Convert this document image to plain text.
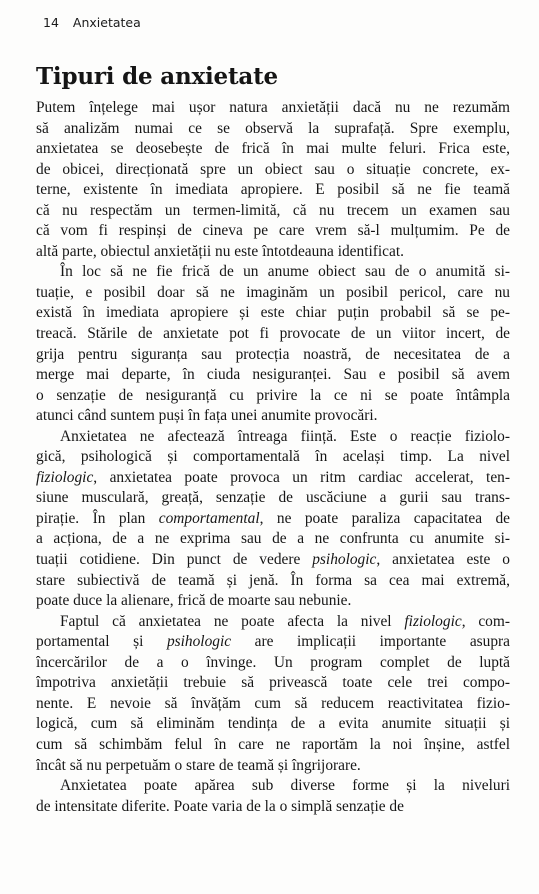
14 Anxietatea
Tipuri de anxietate

Putem înțelege mai ușor natura anxietății dacă nu ne rezumăm
să analizăm numai ce se observă la suprafață. Spre exemplu,
anxietatea se deosebește de frică în mai multe feluri. Frica este,
de obicei, direcționată spre un obiect sau o situație concrete, ex-
terne, existente în imediata apropiere. E posibil să ne fie teamă
că nu respectăm un termen-limită, că nu trecem un examen sau
că vom fi respinși de cineva pe care vrem să-l mulțumim. Pe de
altă parte, obiectul anxietății nu este întotdeauna identificat.

În loc să ne fie frică de un anume obiect sau de o anumită si-
tuație, e posibil doar să ne imaginăm un posibil pericol, care nu
există în imediata apropiere și este chiar puțin probabil să se pe-
treacă. Stările de anxietate pot fi provocate de un viitor incert, de
grija pentru siguranța sau protecția noastră, de necesitatea de a
merge mai departe, în ciuda nesiguranței. Sau e posibil să avem
o senzație de nesiguranță cu privire la ce ni se poate întâmpla
atunci când suntem puși în fața unei anumite provocări.

Anxietatea ne afectează întreaga ființă. Este o reacție fiziolo-
gică, psihologică și comportamentală în același timp. La nivel
fiziologic, anxietatea poate provoca un ritm cardiac accelerat, ten-
siune musculară, greață, senzație de uscăciune a gurii sau trans-
pirație. În plan comportamental, ne poate paraliza capacitatea de
a acționa, de a ne exprima sau de a ne confrunta cu anumite si-
tuații cotidiene. Din punct de vedere psihologic, anxietatea este o
stare subiectivă de teamă și jenă. În forma sa cea mai extremă,
poate duce la alienare, frică de moarte sau nebunie.

Faptul că anxietatea ne poate afecta la nivel fiziologic, com-
portamental și psihologic are implicații importante asupra
încercărilor de a o învinge. Un program complet de luptă
împotriva anxietății trebuie să privească toate cele trei compo-
nente. E nevoie să învățăm cum să reducem reactivitatea fizio-
logică, cum să eliminăm tendința de a evita anumite situații și
cum să schimbăm felul în care ne raportăm la noi înșine, astfel
încât să nu perpetuăm o stare de teamă și îngrijorare.

Anxietatea poate apărea sub diverse forme și la niveluri
de intensitate diferite. Poate varia de la o simplă senzație de
